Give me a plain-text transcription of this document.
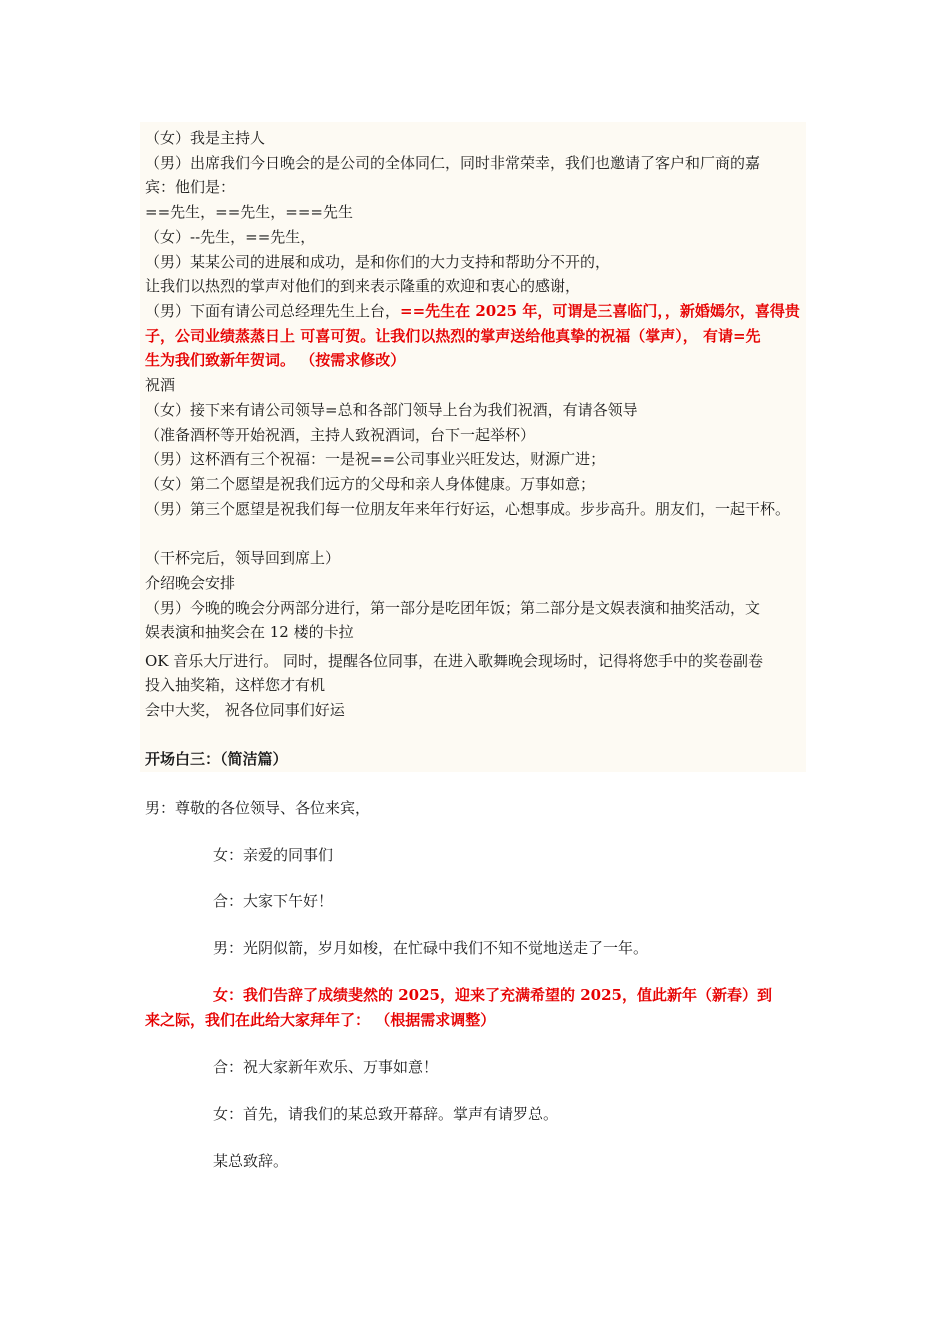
（女）我是主持人
（男）出席我们今日晚会的是公司的全体同仁，同时非常荣幸，我们也邀请了客户和厂商的嘉
宾：他们是：
==先生，==先生，===先生
（女）--先生，==先生，
（男）某某公司的进展和成功，是和你们的大力支持和帮助分不开的，
让我们以热烈的掌声对他们的到来表示隆重的欢迎和衷心的感谢，
（男）下面有请公司总经理先生上台，==先生在 2025 年，可谓是三喜临门，，新婚嫣尔，喜得贵
子，公司业绩蒸蒸日上 可喜可贺。让我们以热烈的掌声送给他真挚的祝福（掌声）， 有请=先
生为我们致新年贺词。 （按需求修改）
祝酒
（女）接下来有请公司领导=总和各部门领导上台为我们祝酒，有请各领导
（准备酒杯等开始祝酒，主持人致祝酒词，台下一起举杯）
（男）这杯酒有三个祝福：一是祝==公司事业兴旺发达，财源广进；
（女）第二个愿望是祝我们远方的父母和亲人身体健康。万事如意；
（男）第三个愿望是祝我们每一位朋友年来年行好运，心想事成。步步高升。朋友们，一起干杯。
（干杯完后，领导回到席上）
介绍晚会安排
（男）今晚的晚会分两部分进行，第一部分是吃团年饭；第二部分是文娱表演和抽奖活动，文
娱表演和抽奖会在 12 楼的卡拉
OK 音乐大厅进行。 同时，提醒各位同事，在进入歌舞晚会现场时，记得将您手中的奖卷副卷
投入抽奖箱，这样您才有机
会中大奖， 祝各位同事们好运
开场白三：（简洁篇）
男：尊敬的各位领导、各位来宾，
女：亲爱的同事们
合：大家下午好！
男：光阴似箭，岁月如梭，在忙碌中我们不知不觉地送走了一年。
女：我们告辞了成绩斐然的 2025，迎来了充满希望的 2025，值此新年（新春）到
来之际，我们在此给大家拜年了： （根据需求调整）
合：祝大家新年欢乐、万事如意！
女：首先，请我们的某总致开幕辞。掌声有请罗总。
某总致辞。
